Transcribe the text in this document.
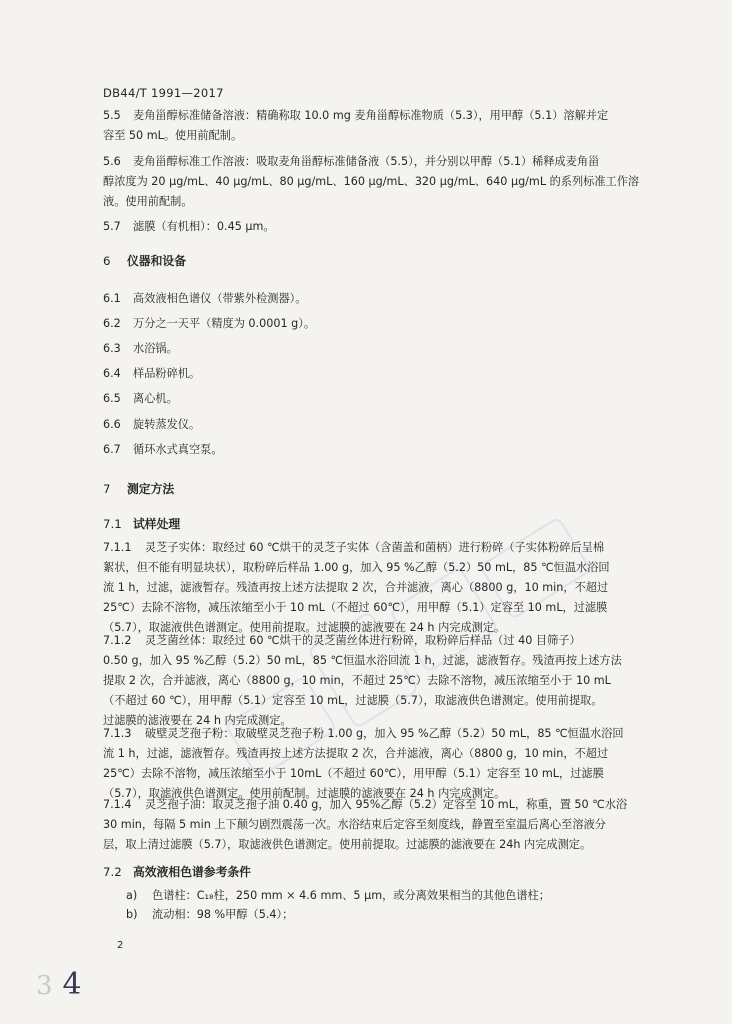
DB44/T 1991—2017
5.5 麦角甾醇标准储备溶液：精确称取 10.0 mg 麦角甾醇标准物质（5.3），用甲醇（5.1）溶解并定
容至 50 mL。使用前配制。
5.6 麦角甾醇标准工作溶液：吸取麦角甾醇标准储备液（5.5），并分别以甲醇（5.1）稀释成麦角甾
醇浓度为 20 μg/mL、40 μg/mL、80 μg/mL、160 μg/mL、320 μg/mL、640 μg/mL 的系列标准工作溶
液。使用前配制。
5.7 滤膜（有机相）：0.45 μm。
6 仪器和设备
6.1 高效液相色谱仪（带紫外检测器）。
6.2 万分之一天平（精度为 0.0001 g）。
6.3 水浴锅。
6.4 样品粉碎机。
6.5 离心机。
6.6 旋转蒸发仪。
6.7 循环水式真空泵。
7 测定方法
7.1 试样处理
7.1.1 灵芝子实体：取经过 60 ℃烘干的灵芝子实体（含菌盖和菌柄）进行粉碎（子实体粉碎后呈棉
絮状，但不能有明显块状），取粉碎后样品 1.00 g，加入 95 %乙醇（5.2）50 mL，85 ℃恒温水浴回
流 1 h，过滤，滤液暂存。残渣再按上述方法提取 2 次，合并滤液，离心（8800 g，10 min，不超过
25℃）去除不溶物，减压浓缩至小于 10 mL（不超过 60℃），用甲醇（5.1）定容至 10 mL，过滤膜
（5.7），取滤液供色谱测定。使用前提取。过滤膜的滤液要在 24 h 内完成测定。
7.1.2 灵芝菌丝体：取经过 60 ℃烘干的灵芝菌丝体进行粉碎，取粉碎后样品（过 40 目筛子）
0.50 g，加入 95 %乙醇（5.2）50 mL，85 ℃恒温水浴回流 1 h，过滤，滤液暂存。残渣再按上述方法
提取 2 次，合并滤液，离心（8800 g，10 min，不超过 25℃）去除不溶物，减压浓缩至小于 10 mL
（不超过 60 ℃），用甲醇（5.1）定容至 10 mL，过滤膜（5.7），取滤液供色谱测定。使用前提取。
过滤膜的滤液要在 24 h 内完成测定。
7.1.3 破壁灵芝孢子粉：取破壁灵芝孢子粉 1.00 g，加入 95 %乙醇（5.2）50 mL，85 ℃恒温水浴回
流 1 h，过滤，滤液暂存。残渣再按上述方法提取 2 次，合并滤液，离心（8800 g，10 min，不超过
25℃）去除不溶物，减压浓缩至小于 10mL（不超过 60℃），用甲醇（5.1）定容至 10 mL，过滤膜
（5.7），取滤液供色谱测定。使用前配制。过滤膜的滤液要在 24 h 内完成测定。
7.1.4 灵芝孢子油：取灵芝孢子油 0.40 g，加入 95%乙醇（5.2）定容至 10 mL，称重，置 50 ℃水浴
30 min，每隔 5 min 上下颠匀剧烈震荡一次。水浴结束后定容至刻度线，静置至室温后离心至溶液分
层，取上清过滤膜（5.7），取滤液供色谱测定。使用前提取。过滤膜的滤液要在 24h 内完成测定。
7.2 高效液相色谱参考条件
a) 色谱柱：C₁₈柱，250 mm × 4.6 mm、5 μm，或分离效果相当的其他色谱柱；
b) 流动相：98 %甲醇（5.4）；
2
3 4
